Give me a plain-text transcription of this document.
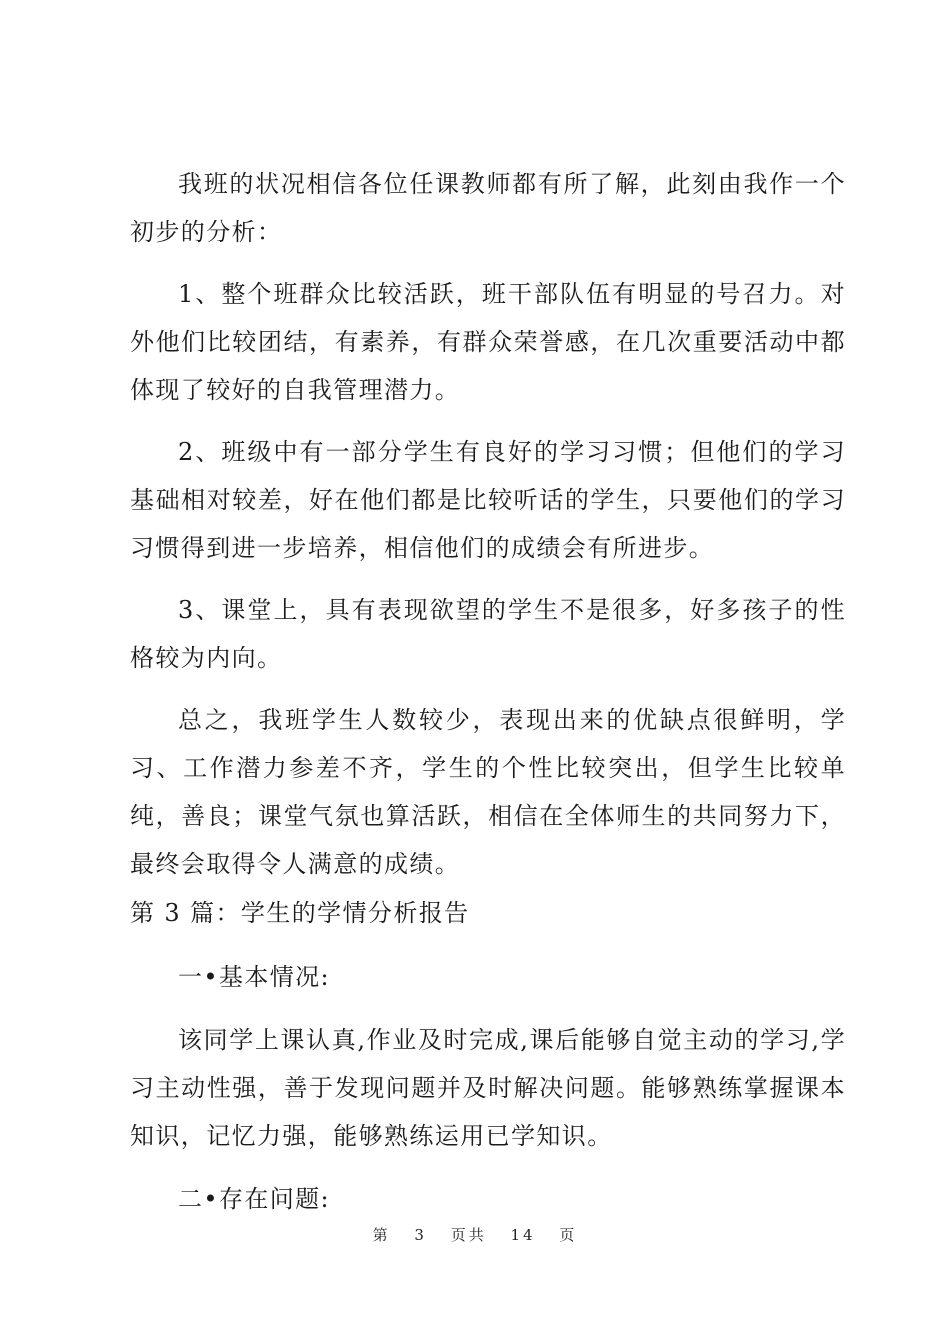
我班的状况相信各位任课教师都有所了解，此刻由我作一个初步的分析：

1、整个班群众比较活跃，班干部队伍有明显的号召力。对外他们比较团结，有素养，有群众荣誉感，在几次重要活动中都体现了较好的自我管理潜力。

2、班级中有一部分学生有良好的学习习惯；但他们的学习基础相对较差，好在他们都是比较听话的学生，只要他们的学习习惯得到进一步培养，相信他们的成绩会有所进步。

3、课堂上，具有表现欲望的学生不是很多，好多孩子的性格较为内向。

总之，我班学生人数较少，表现出来的优缺点很鲜明，学习、工作潜力参差不齐，学生的个性比较突出，但学生比较单纯，善良；课堂气氛也算活跃，相信在全体师生的共同努力下，最终会取得令人满意的成绩。

第 3 篇：学生的学情分析报告

一•基本情况:

该同学上课认真,作业及时完成,课后能够自觉主动的学习,学习主动性强，善于发现问题并及时解决问题。能够熟练掌握课本知识，记忆力强，能够熟练运用已学知识。

二•存在问题:

第 3 页共 14 页
